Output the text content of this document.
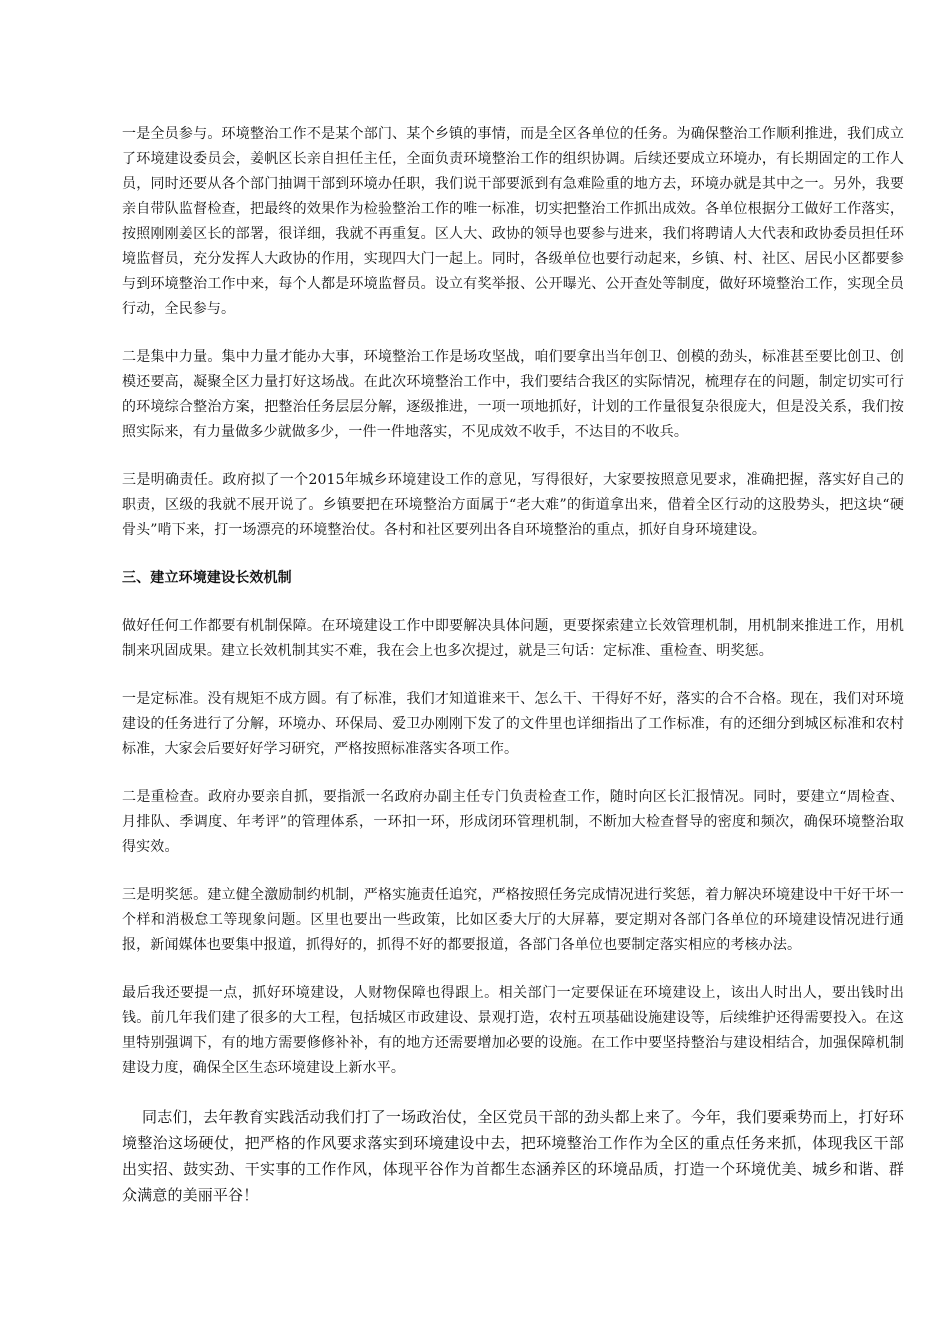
一是全员参与。环境整治工作不是某个部门、某个乡镇的事情，而是全区各单位的任务。为确保整治工作顺利推进，我们成立了环境建设委员会，姜帆区长亲自担任主任，全面负责环境整治工作的组织协调。后续还要成立环境办，有长期固定的工作人员，同时还要从各个部门抽调干部到环境办任职，我们说干部要派到有急难险重的地方去，环境办就是其中之一。另外，我要亲自带队监督检查，把最终的效果作为检验整治工作的唯一标准，切实把整治工作抓出成效。各单位根据分工做好工作落实，按照刚刚姜区长的部署，很详细，我就不再重复。区人大、政协的领导也要参与进来，我们将聘请人大代表和政协委员担任环境监督员，充分发挥人大政协的作用，实现四大门一起上。同时，各级单位也要行动起来，乡镇、村、社区、居民小区都要参与到环境整治工作中来，每个人都是环境监督员。设立有奖举报、公开曝光、公开查处等制度，做好环境整治工作，实现全员行动，全民参与。

二是集中力量。集中力量才能办大事，环境整治工作是场攻坚战，咱们要拿出当年创卫、创模的劲头，标准甚至要比创卫、创模还要高，凝聚全区力量打好这场战。在此次环境整治工作中，我们要结合我区的实际情况，梳理存在的问题，制定切实可行的环境综合整治方案，把整治任务层层分解，逐级推进，一项一项地抓好，计划的工作量很复杂很庞大，但是没关系，我们按照实际来，有力量做多少就做多少，一件一件地落实，不见成效不收手，不达目的不收兵。

三是明确责任。政府拟了一个2015年城乡环境建设工作的意见，写得很好，大家要按照意见要求，准确把握，落实好自己的职责，区级的我就不展开说了。乡镇要把在环境整治方面属于“老大难”的街道拿出来，借着全区行动的这股势头，把这块“硬骨头”啃下来，打一场漂亮的环境整治仗。各村和社区要列出各自环境整治的重点，抓好自身环境建设。

三、建立环境建设长效机制

做好任何工作都要有机制保障。在环境建设工作中即要解决具体问题，更要探索建立长效管理机制，用机制来推进工作，用机制来巩固成果。建立长效机制其实不难，我在会上也多次提过，就是三句话：定标准、重检查、明奖惩。

一是定标准。没有规矩不成方圆。有了标准，我们才知道谁来干、怎么干、干得好不好，落实的合不合格。现在，我们对环境建设的任务进行了分解，环境办、环保局、爱卫办刚刚下发了的文件里也详细指出了工作标准，有的还细分到城区标准和农村标准，大家会后要好好学习研究，严格按照标准落实各项工作。

二是重检查。政府办要亲自抓，要指派一名政府办副主任专门负责检查工作，随时向区长汇报情况。同时，要建立“周检查、月排队、季调度、年考评”的管理体系，一环扣一环，形成闭环管理机制，不断加大检查督导的密度和频次，确保环境整治取得实效。

三是明奖惩。建立健全激励制约机制，严格实施责任追究，严格按照任务完成情况进行奖惩，着力解决环境建设中干好干坏一个样和消极怠工等现象问题。区里也要出一些政策，比如区委大厅的大屏幕，要定期对各部门各单位的环境建设情况进行通报，新闻媒体也要集中报道，抓得好的，抓得不好的都要报道，各部门各单位也要制定落实相应的考核办法。

最后我还要提一点，抓好环境建设，人财物保障也得跟上。相关部门一定要保证在环境建设上，该出人时出人，要出钱时出钱。前几年我们建了很多的大工程，包括城区市政建设、景观打造，农村五项基础设施建设等，后续维护还得需要投入。在这里特别强调下，有的地方需要修修补补，有的地方还需要增加必要的设施。在工作中要坚持整治与建设相结合，加强保障机制建设力度，确保全区生态环境建设上新水平。

同志们，去年教育实践活动我们打了一场政治仗，全区党员干部的劲头都上来了。今年，我们要乘势而上，打好环境整治这场硬仗，把严格的作风要求落实到环境建设中去，把环境整治工作作为全区的重点任务来抓，体现我区干部出实招、鼓实劲、干实事的工作作风，体现平谷作为首都生态涵养区的环境品质，打造一个环境优美、城乡和谐、群众满意的美丽平谷！
